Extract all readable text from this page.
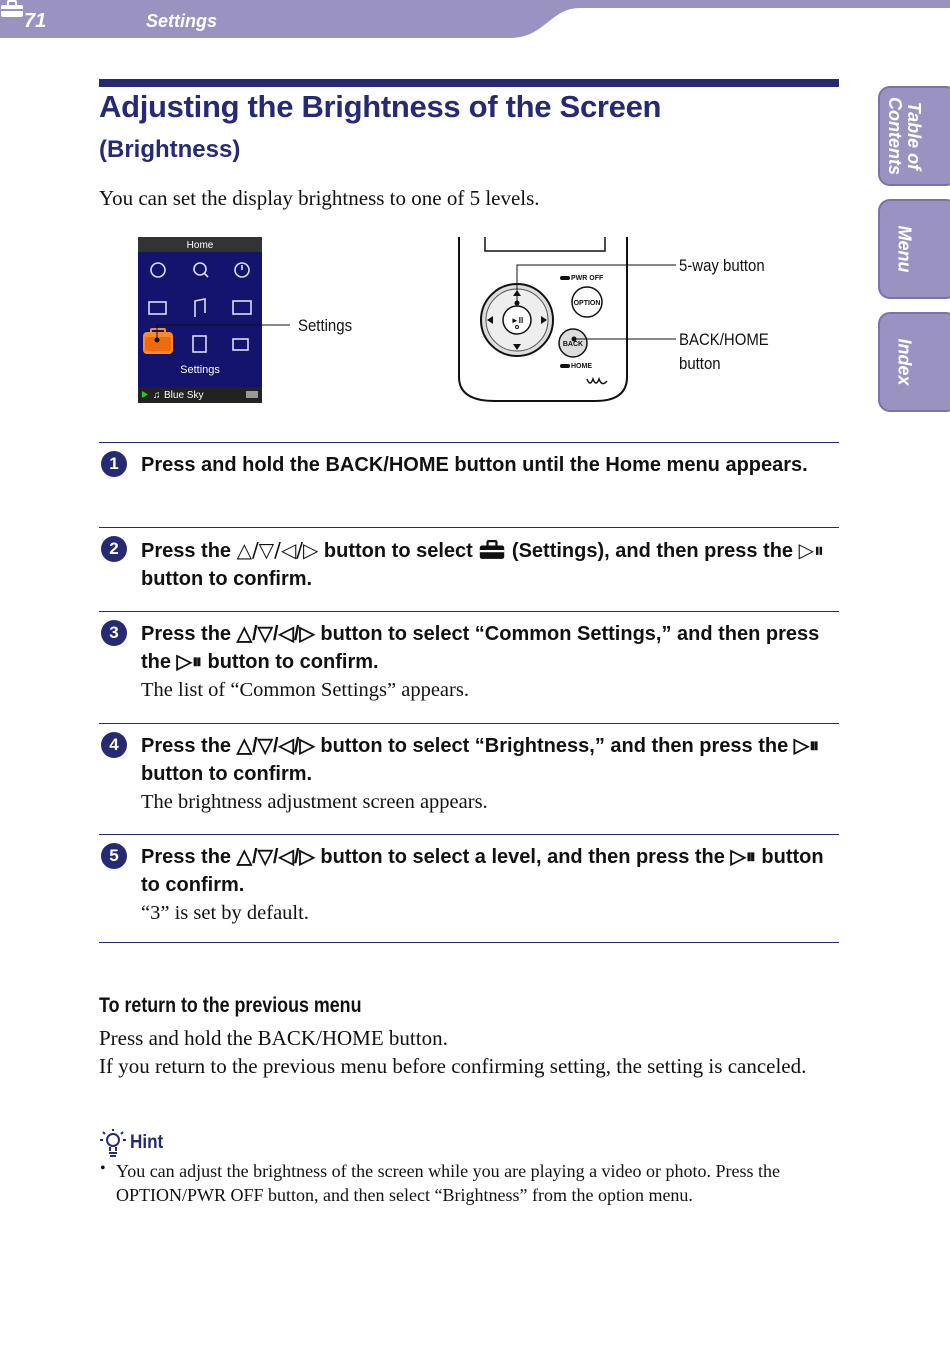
71	Settings
Table of
Contents
Menu
Index
Adjusting the Brightness of the Screen
(Brightness)
You can set the display brightness to one of 5 levels.
Home
Settings
♫ Blue Sky
►II
PWR OFF
OPTION
BACK
HOME
Settings
5-way button
BACK/HOME
button
1	Press and hold the BACK/HOME button until the Home menu appears.
2	Press the △/▽/◁/▷ button to select  (Settings), and then press the ▷⏸ button to confirm.
3	Press the △/▽/◁/▷ button to select “Common Settings,” and then press the ▷⏸ button to confirm.
The list of “Common Settings” appears.
4	Press the △/▽/◁/▷ button to select “Brightness,” and then press the ▷⏸ button to confirm.
The brightness adjustment screen appears.
5	Press the △/▽/◁/▷ button to select a level, and then press the ▷⏸ button to confirm.
“3” is set by default.
To return to the previous menu
Press and hold the BACK/HOME button.
If you return to the previous menu before confirming setting, the setting is canceled.
Hint
• You can adjust the brightness of the screen while you are playing a video or photo. Press the OPTION/PWR OFF button, and then select “Brightness” from the option menu.
